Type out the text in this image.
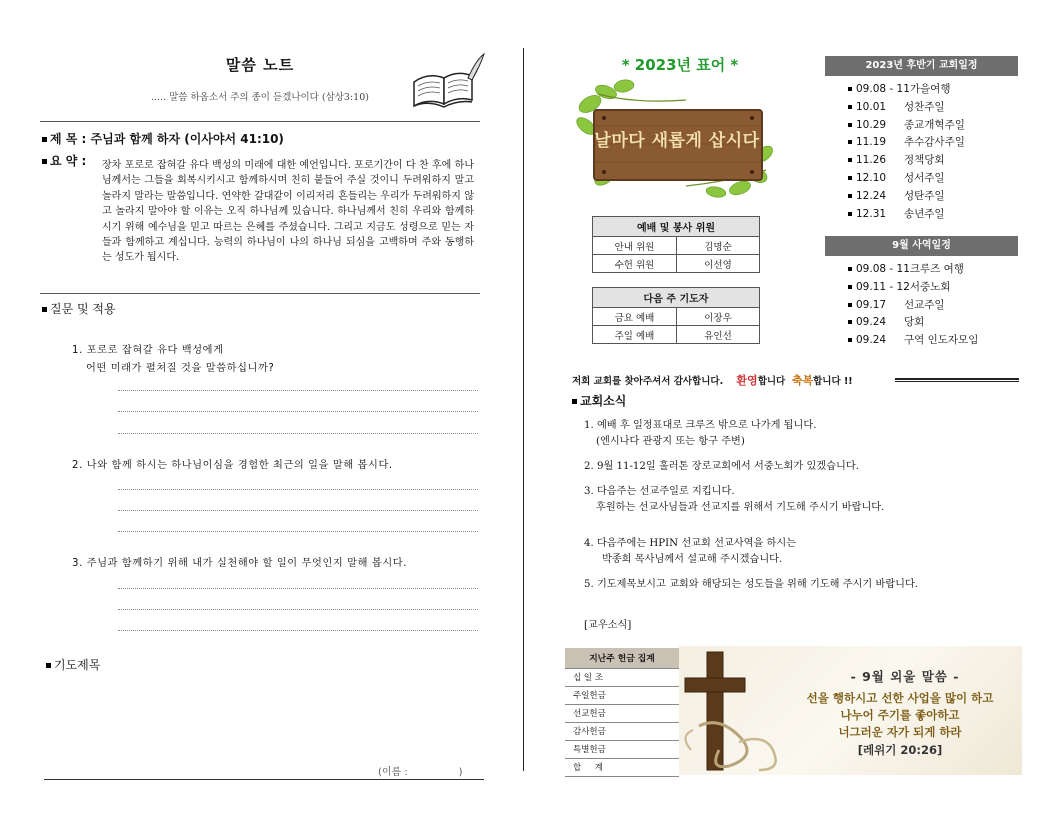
말씀 노트
..... 말씀 하옵소서 주의 종이 듣겠나이다 (삼상3:10)
제 목 : 주님과 함께 하자 (이사야서 41:10)
요 약 : 장차 포로로 잡혀갈 유다 백성의 미래에 대한 예언입니다. 포로기간이 다 찬 후에 하나님께서는 그들을 회복시키시고 함께하시며 친히 붙들어 주실 것이니 두려워하지 말고 놀라지 말라는 말씀입니다. 연약한 갈대같이 이리저리 흔들리는 우리가 두려워하지 않고 놀라지 말아야 할 이유는 오직 하나님께 있습니다. 하나님께서 친히 우리와 함께하시기 위해 예수님을 믿고 따르는 은혜를 주셨습니다. 그리고 지금도 성령으로 믿는 자들과 함께하고 계십니다. 능력의 하나님이 나의 하나님 되심을 고백하며 주와 동행하는 성도가 됩시다.
질문 및 적용
1. 포로로 잡혀갈 유다 백성에게
어떤 미래가 펼쳐질 것을 말씀하십니까?
2. 나와 함께 하시는 하나님이심을 경험한 최근의 일을 말해 봅시다.
3. 주님과 함께하기 위해 내가 실천해야 할 일이 무엇인지 말해 봅시다.
기도제목
(이름 :                )
* 2023년 표어 *
날마다 새롭게 삽시다
예배 및 봉사 위원	
안내 위원	김명순
수헌 위원	이선영
다음 주 기도자	
금요 예배	이장우
주일 예배	유인선
2023년 후반기 교회일정
09.08 - 11가을여행
10.01 성찬주일
10.29 종교개혁주일
11.19 추수감사주일
11.26 정책당회
12.10 성서주일
12.24 성탄주일
12.31 송년주일
9월 사역일정
09.08 - 11크루즈 여행
09.11 - 12서중노회
09.17 선교주일
09.24 당회
09.24 구역 인도자모임
저희 교회를 찾아주셔서 감사합니다. 환영합니다 축복합니다 !!
교회소식
1. 예배 후 일정표대로 크루즈 밖으로 나가게 됩니다.
(엔시나다 관광지 또는 항구 주변)
2. 9월 11-12일 훌러톤 장로교회에서 서중노회가 있겠습니다.
3. 다음주는 선교주일로 지킵니다.
후원하는 선교사님들과 선교지를 위해서 기도해 주시기 바랍니다.
4. 다음주에는 HPIN 선교회 선교사역을 하시는
박종희 목사님께서 설교해 주시겠습니다.
5. 기도제목보시고 교회와 해당되는 성도들을 위해 기도해 주시기 바랍니다.
[교우소식]
지난주 헌금 집계
십 일 조
주일헌금
선교헌금
감사헌금
특별헌금
합     계
- 9월 외울 말씀 -
선을 행하시고 선한 사업을 많이 하고
나누어 주기를 좋아하고
너그러운 자가 되게 하라
[레위기 20:26]
